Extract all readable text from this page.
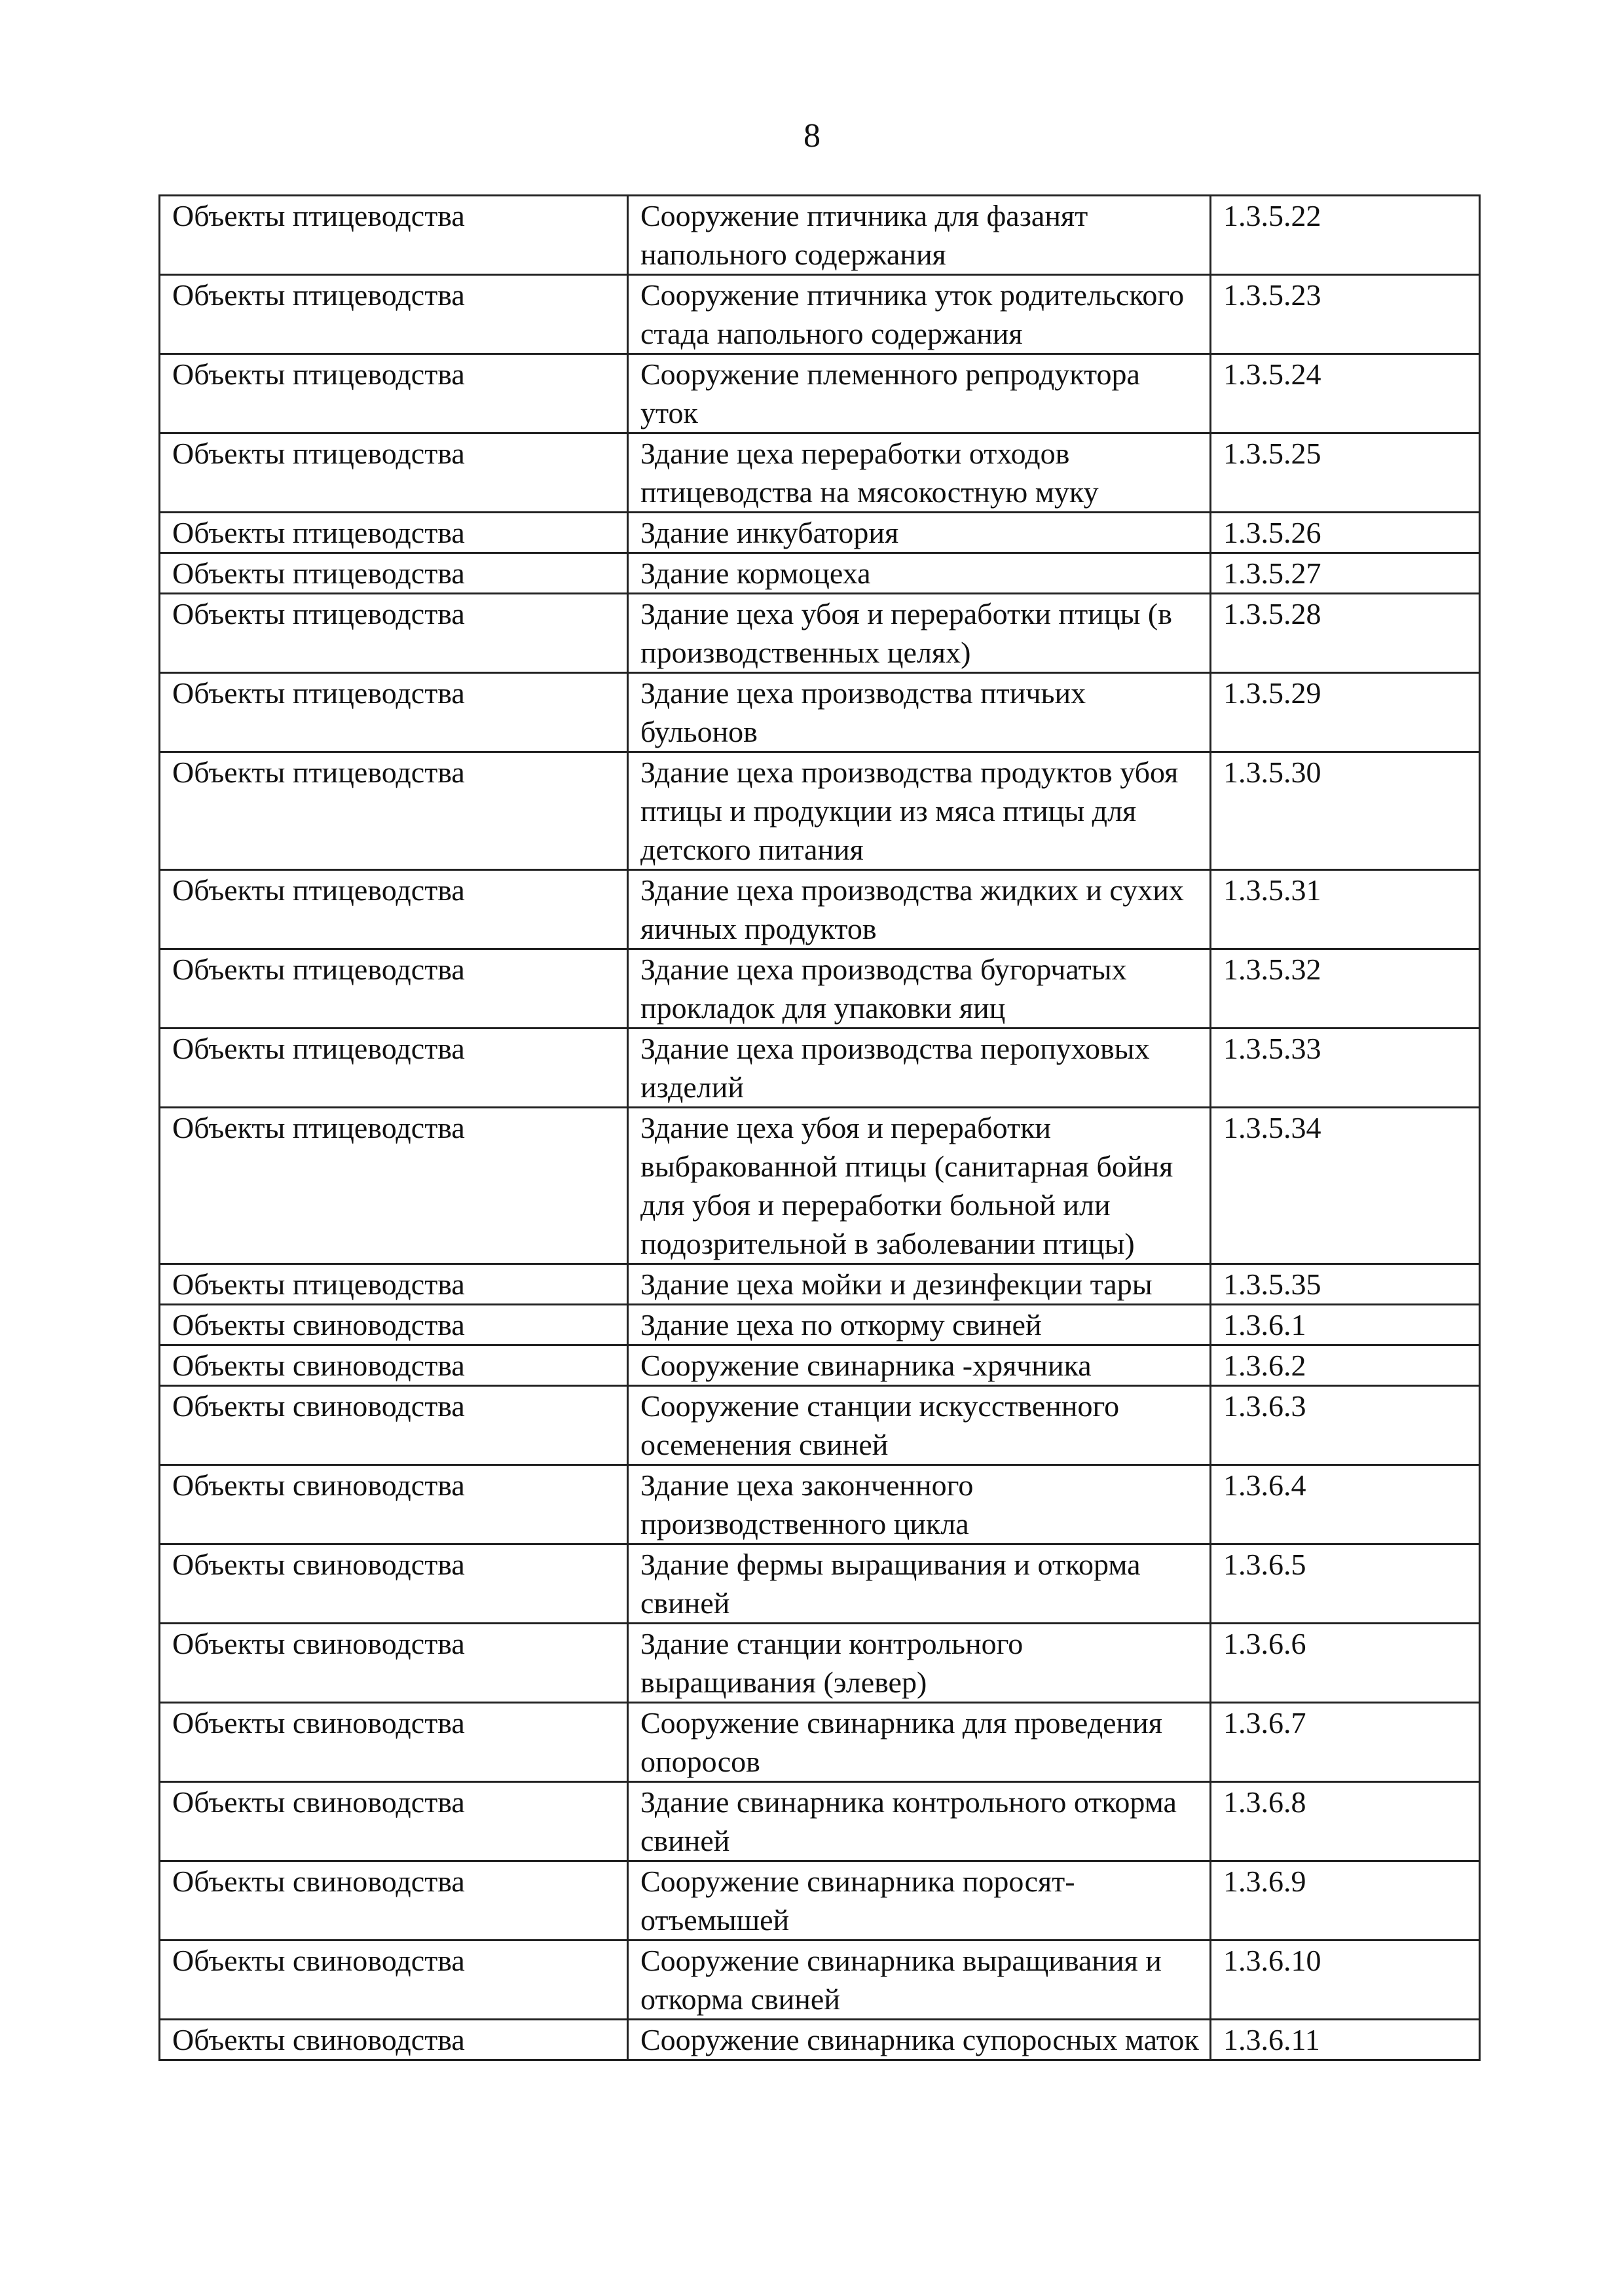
8
Объекты птицеводства	Сооружение птичника для фазанят напольного содержания	1.3.5.22
Объекты птицеводства	Сооружение птичника уток родительского стада напольного содержания	1.3.5.23
Объекты птицеводства	Сооружение племенного репродуктора уток	1.3.5.24
Объекты птицеводства	Здание цеха переработки отходов птицеводства на мясокостную муку	1.3.5.25
Объекты птицеводства	Здание инкубатория	1.3.5.26
Объекты птицеводства	Здание кормоцеха	1.3.5.27
Объекты птицеводства	Здание цеха убоя и переработки птицы (в производственных целях)	1.3.5.28
Объекты птицеводства	Здание цеха производства птичьих бульонов	1.3.5.29
Объекты птицеводства	Здание цеха производства продуктов убоя птицы и продукции из мяса птицы для детского питания	1.3.5.30
Объекты птицеводства	Здание цеха производства жидких и сухих яичных продуктов	1.3.5.31
Объекты птицеводства	Здание цеха производства бугорчатых прокладок для упаковки яиц	1.3.5.32
Объекты птицеводства	Здание цеха производства перопуховых изделий	1.3.5.33
Объекты птицеводства	Здание цеха убоя и переработки выбракованной птицы (санитарная бойня для убоя и переработки больной или подозрительной в заболевании птицы)	1.3.5.34
Объекты птицеводства	Здание цеха мойки и дезинфекции тары	1.3.5.35
Объекты свиноводства	Здание цеха по откорму свиней	1.3.6.1
Объекты свиноводства	Сооружение свинарника -хрячника	1.3.6.2
Объекты свиноводства	Сооружение станции искусственного осеменения свиней	1.3.6.3
Объекты свиноводства	Здание цеха законченного производственного цикла	1.3.6.4
Объекты свиноводства	Здание фермы выращивания и откорма свиней	1.3.6.5
Объекты свиноводства	Здание станции контрольного выращивания (элевер)	1.3.6.6
Объекты свиноводства	Сооружение свинарника для проведения опоросов	1.3.6.7
Объекты свиноводства	Здание свинарника контрольного откорма свиней	1.3.6.8
Объекты свиноводства	Сооружение свинарника поросят-отъемышей	1.3.6.9
Объекты свиноводства	Сооружение свинарника выращивания и откорма свиней	1.3.6.10
Объекты свиноводства	Сооружение свинарника супоросных маток	1.3.6.11
